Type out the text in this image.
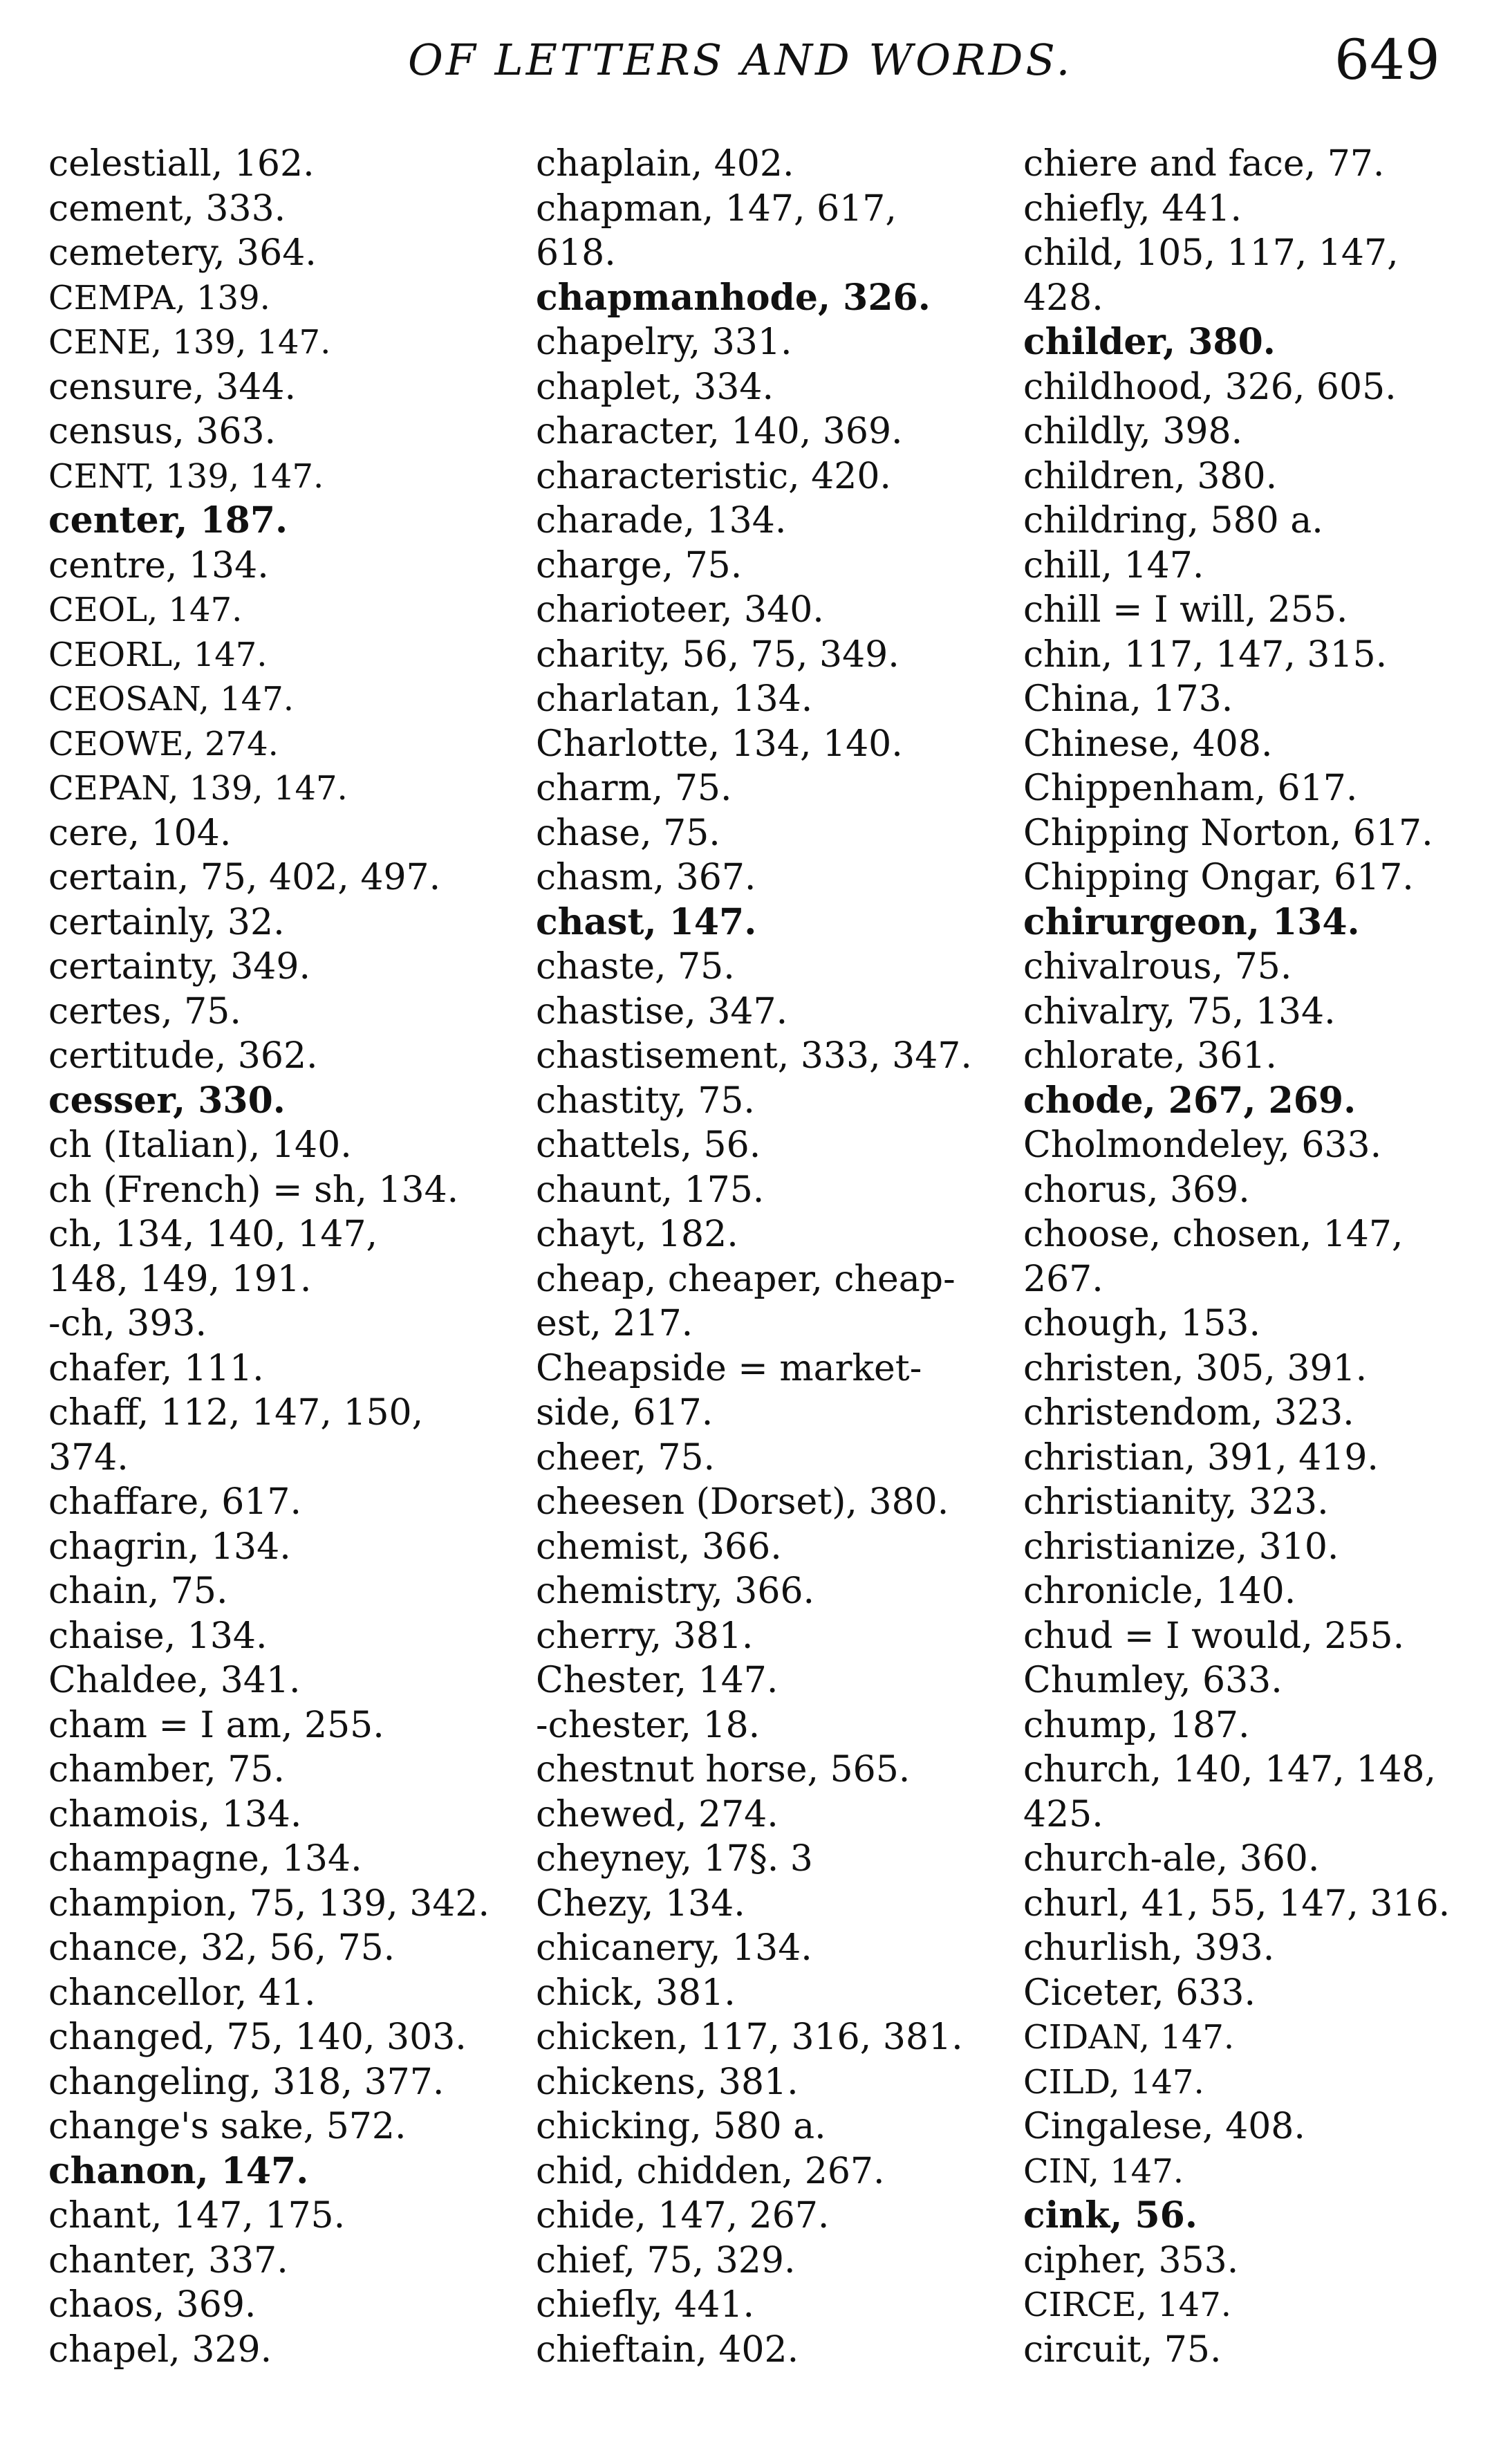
OF LETTERS AND WORDS.	649
celestiall, 162.
cement, 333.
cemetery, 364.
CEMPA, 139.
CENE, 139, 147.
censure, 344.
census, 363.
CENT, 139, 147.
center, 187.
centre, 134.
CEOL, 147.
CEORL, 147.
CEOSAN, 147.
CEOWE, 274.
CEPAN, 139, 147.
cere, 104.
certain, 75, 402, 497.
certainly, 32.
certainty, 349.
certes, 75.
certitude, 362.
cesser, 330.
ch (Italian), 140.
ch (French) = sh, 134.
ch, 134, 140, 147,
148, 149, 191.
-ch, 393.
chafer, 111.
chaff, 112, 147, 150,
374.
chaffare, 617.
chagrin, 134.
chain, 75.
chaise, 134.
Chaldee, 341.
cham = I am, 255.
chamber, 75.
chamois, 134.
champagne, 134.
champion, 75, 139, 342.
chance, 32, 56, 75.
chancellor, 41.
changed, 75, 140, 303.
changeling, 318, 377.
change's sake, 572.
chanon, 147.
chant, 147, 175.
chanter, 337.
chaos, 369.
chapel, 329.
chaplain, 402.
chapman, 147, 617,
618.
chapmanhode, 326.
chapelry, 331.
chaplet, 334.
character, 140, 369.
characteristic, 420.
charade, 134.
charge, 75.
charioteer, 340.
charity, 56, 75, 349.
charlatan, 134.
Charlotte, 134, 140.
charm, 75.
chase, 75.
chasm, 367.
chast, 147.
chaste, 75.
chastise, 347.
chastisement, 333, 347.
chastity, 75.
chattels, 56.
chaunt, 175.
chayt, 182.
cheap, cheaper, cheap-
est, 217.
Cheapside = market-
side, 617.
cheer, 75.
cheesen (Dorset), 380.
chemist, 366.
chemistry, 366.
cherry, 381.
Chester, 147.
-chester, 18.
chestnut horse, 565.
chewed, 274.
cheyney, 17§. 3
Chezy, 134.
chicanery, 134.
chick, 381.
chicken, 117, 316, 381.
chickens, 381.
chicking, 580 a.
chid, chidden, 267.
chide, 147, 267.
chief, 75, 329.
chiefly, 441.
chieftain, 402.
chiere and face, 77.
chiefly, 441.
child, 105, 117, 147,
428.
childer, 380.
childhood, 326, 605.
childly, 398.
children, 380.
childring, 580 a.
chill, 147.
chill = I will, 255.
chin, 117, 147, 315.
China, 173.
Chinese, 408.
Chippenham, 617.
Chipping Norton, 617.
Chipping Ongar, 617.
chirurgeon, 134.
chivalrous, 75.
chivalry, 75, 134.
chlorate, 361.
chode, 267, 269.
Cholmondeley, 633.
chorus, 369.
choose, chosen, 147,
267.
chough, 153.
christen, 305, 391.
christendom, 323.
christian, 391, 419.
christianity, 323.
christianize, 310.
chronicle, 140.
chud = I would, 255.
Chumley, 633.
chump, 187.
church, 140, 147, 148,
425.
church-ale, 360.
churl, 41, 55, 147, 316.
churlish, 393.
Ciceter, 633.
CIDAN, 147.
CILD, 147.
Cingalese, 408.
CIN, 147.
cink, 56.
cipher, 353.
CIRCE, 147.
circuit, 75.
